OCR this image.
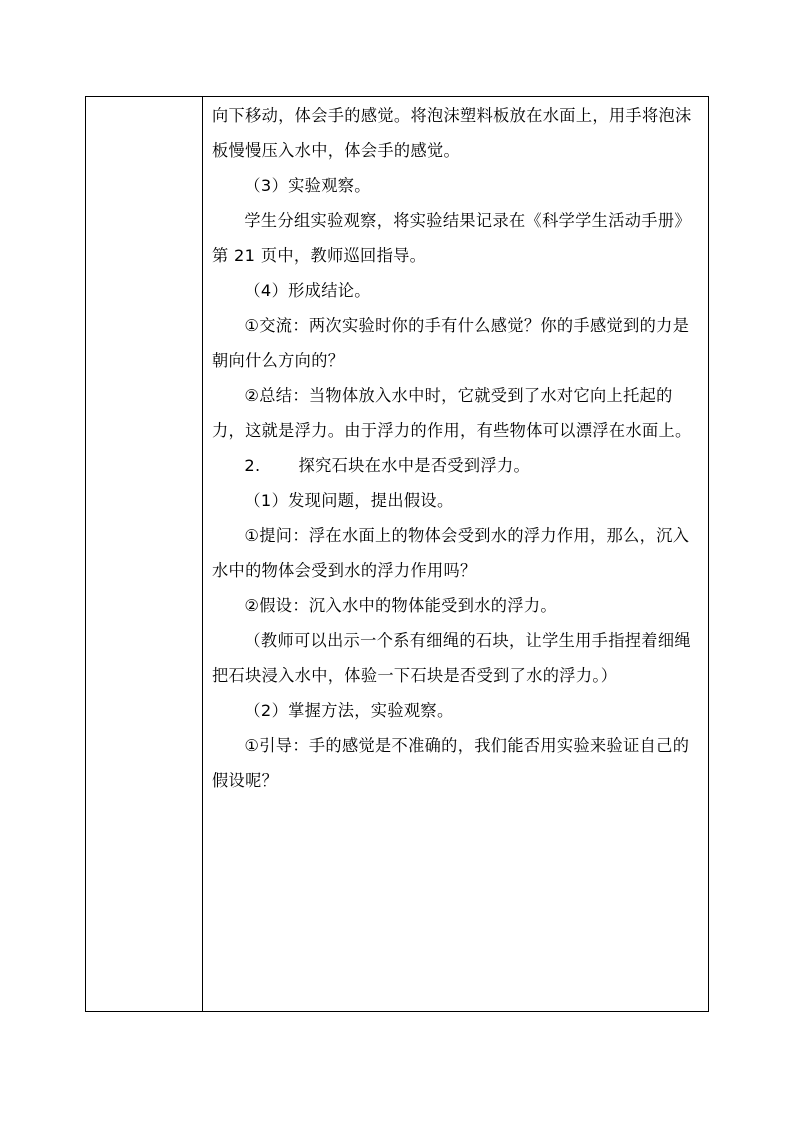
向下移动，体会手的感觉。将泡沫塑料板放在水面上，用手将泡沫板慢慢压入水中，体会手的感觉。

（3）实验观察。

学生分组实验观察，将实验结果记录在《科学学生活动手册》第 21 页中，教师巡回指导。

（4）形成结论。

①交流：两次实验时你的手有什么感觉？你的手感觉到的力是朝向什么方向的？

②总结：当物体放入水中时，它就受到了水对它向上托起的力，这就是浮力。由于浮力的作用，有些物体可以漂浮在水面上。

2. 探究石块在水中是否受到浮力。

（1）发现问题，提出假设。

①提问：浮在水面上的物体会受到水的浮力作用，那么，沉入水中的物体会受到水的浮力作用吗？

②假设：沉入水中的物体能受到水的浮力。

（教师可以出示一个系有细绳的石块，让学生用手指捏着细绳把石块浸入水中，体验一下石块是否受到了水的浮力。）

（2）掌握方法，实验观察。

①引导：手的感觉是不准确的，我们能否用实验来验证自己的假设呢？
